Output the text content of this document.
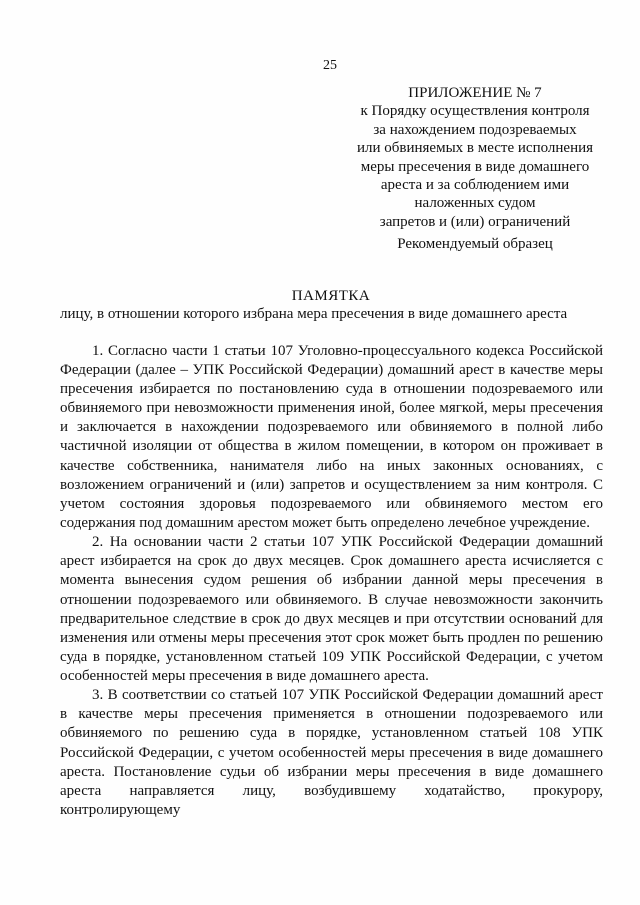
25
ПРИЛОЖЕНИЕ № 7
к Порядку осуществления контроля
за нахождением подозреваемых
или обвиняемых в месте исполнения
меры пресечения в виде домашнего
ареста и за соблюдением ими
наложенных судом
запретов и (или) ограничений
Рекомендуемый образец
ПАМЯТКА
лицу, в отношении которого избрана мера пресечения в виде домашнего ареста

1. Согласно части 1 статьи 107 Уголовно-процессуального кодекса Российской Федерации (далее – УПК Российской Федерации) домашний арест в качестве меры пресечения избирается по постановлению суда в отношении подозреваемого или обвиняемого при невозможности применения иной, более мягкой, меры пресечения и заключается в нахождении подозреваемого или обвиняемого в полной либо частичной изоляции от общества в жилом помещении, в котором он проживает в качестве собственника, нанимателя либо на иных законных основаниях, с возложением ограничений и (или) запретов и осуществлением за ним контроля. С учетом состояния здоровья подозреваемого или обвиняемого местом его содержания под домашним арестом может быть определено лечебное учреждение.

2. На основании части 2 статьи 107 УПК Российской Федерации домашний арест избирается на срок до двух месяцев. Срок домашнего ареста исчисляется с момента вынесения судом решения об избрании данной меры пресечения в отношении подозреваемого или обвиняемого. В случае невозможности закончить предварительное следствие в срок до двух месяцев и при отсутствии оснований для изменения или отмены меры пресечения этот срок может быть продлен по решению суда в порядке, установленном статьей 109 УПК Российской Федерации, с учетом особенностей меры пресечения в виде домашнего ареста.

3. В соответствии со статьей 107 УПК Российской Федерации домашний арест в качестве меры пресечения применяется в отношении подозреваемого или обвиняемого по решению суда в порядке, установленном статьей 108 УПК Российской Федерации, с учетом особенностей меры пресечения в виде домашнего ареста. Постановление судьи об избрании меры пресечения в виде домашнего ареста направляется лицу, возбудившему ходатайство, прокурору, контролирующему
